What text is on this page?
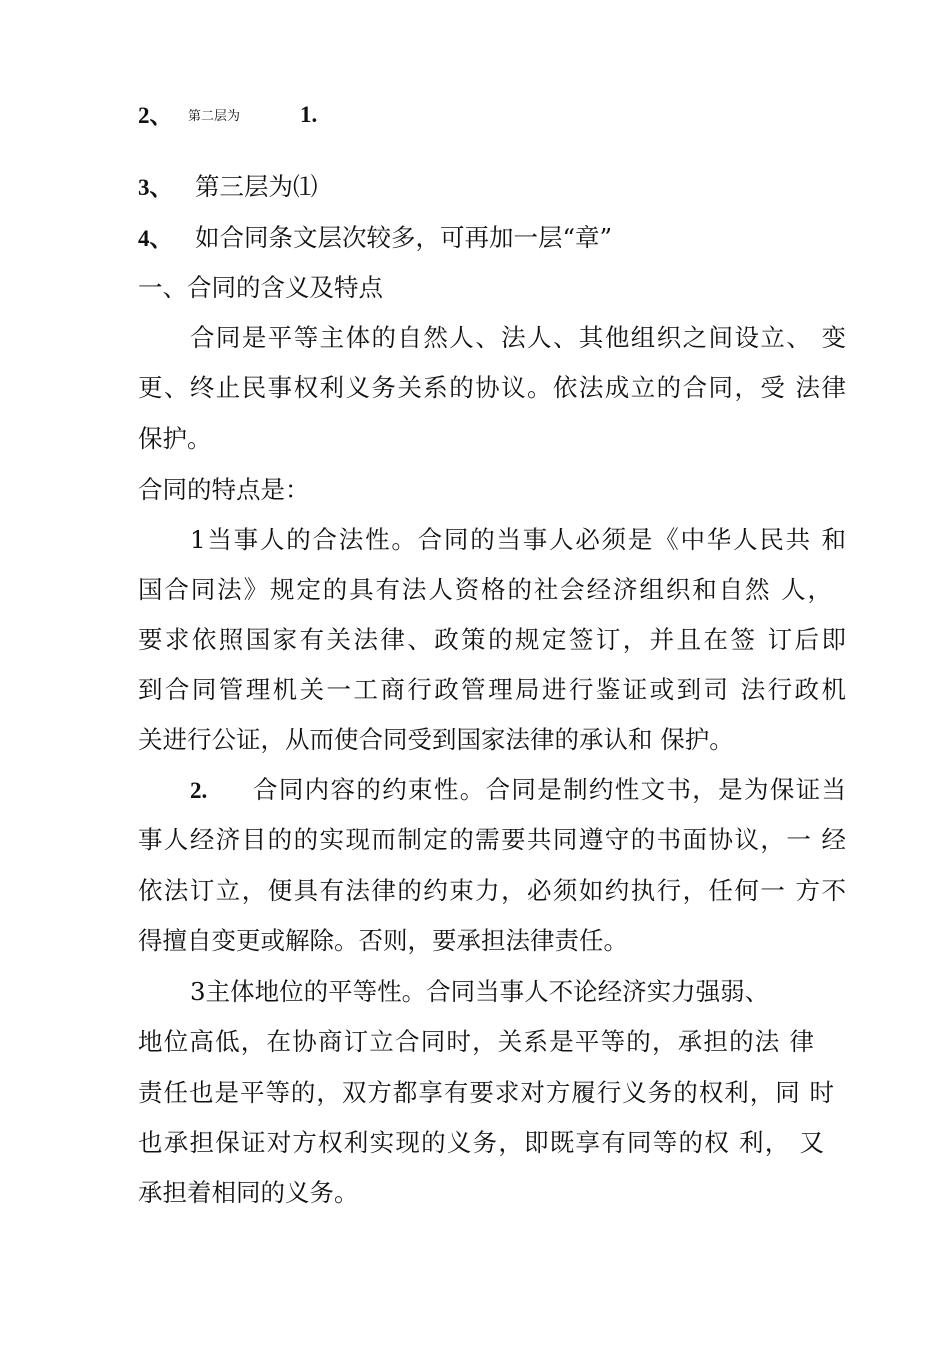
2、 第二层为	1.
3、 第三层为⑴
4、 如合同条文层次较多，可再加一层“章”
一、合同的含义及特点
合同是平等主体的自然人、法人、其他组织之间设立、 变
更、终止民事权利义务关系的协议。依法成立的合同，受 法律
保护。
合同的特点是：
1当事人的合法性。合同的当事人必须是《中华人民共 和
国合同法》规定的具有法人资格的社会经济组织和自然 人，
要求依照国家有关法律、政策的规定签订，并且在签 订后即
到合同管理机关一工商行政管理局进行鉴证或到司 法行政机
关进行公证，从而使合同受到国家法律的承认和 保护。
2.	合同内容的约束性。合同是制约性文书，是为保证当
事人经济目的的实现而制定的需要共同遵守的书面协议，一 经
依法订立，便具有法律的约束力，必须如约执行，任何一 方不
得擅自变更或解除。否则，要承担法律责任。
3主体地位的平等性。合同当事人不论经济实力强弱、
地位高低，在协商订立合同时，关系是平等的，承担的法 律
责任也是平等的，双方都享有要求对方履行义务的权利，同 时
也承担保证对方权利实现的义务，即既享有同等的权 利， 又
承担着相同的义务。
